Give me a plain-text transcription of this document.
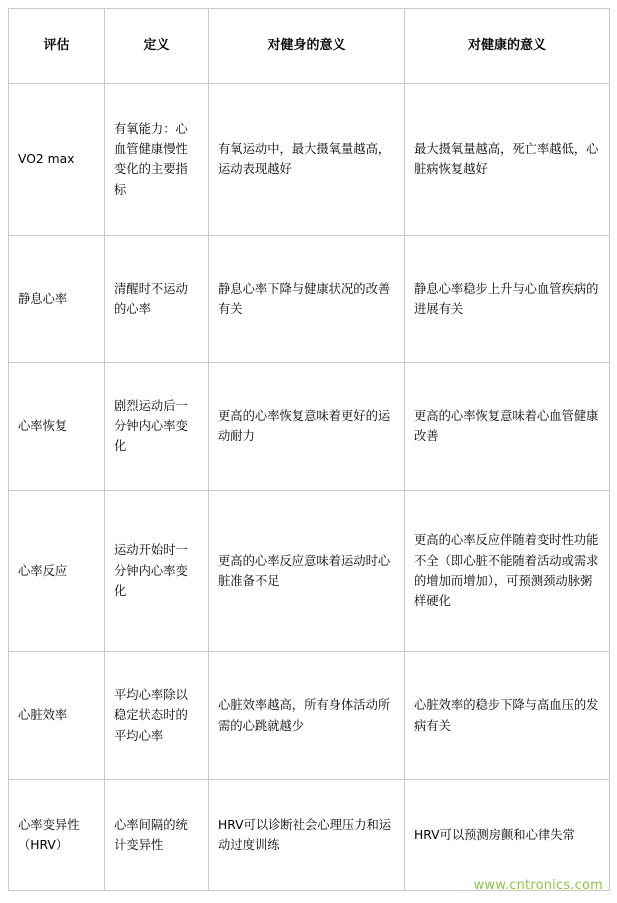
评估	定义	对健身的意义	对健康的意义
VO2 max	有氧能力：心血管健康慢性变化的主要指标	有氧运动中，最大摄氧量越高，运动表现越好	最大摄氧量越高，死亡率越低，心脏病恢复越好
静息心率	清醒时不运动的心率	静息心率下降与健康状况的改善有关	静息心率稳步上升与心血管疾病的进展有关
心率恢复	剧烈运动后一分钟内心率变化	更高的心率恢复意味着更好的运动耐力	更高的心率恢复意味着心血管健康改善
心率反应	运动开始时一分钟内心率变化	更高的心率反应意味着运动时心脏准备不足	更高的心率反应伴随着变时性功能不全（即心脏不能随着活动或需求的增加而增加），可预测颈动脉粥样硬化
心脏效率	平均心率除以稳定状态时的平均心率	心脏效率越高，所有身体活动所需的心跳就越少	心脏效率的稳步下降与高血压的发病有关
心率变异性（HRV）	心率间隔的统计变异性	HRV可以诊断社会心理压力和运动过度训练	HRV可以预测房颤和心律失常
www.cntronics.com
